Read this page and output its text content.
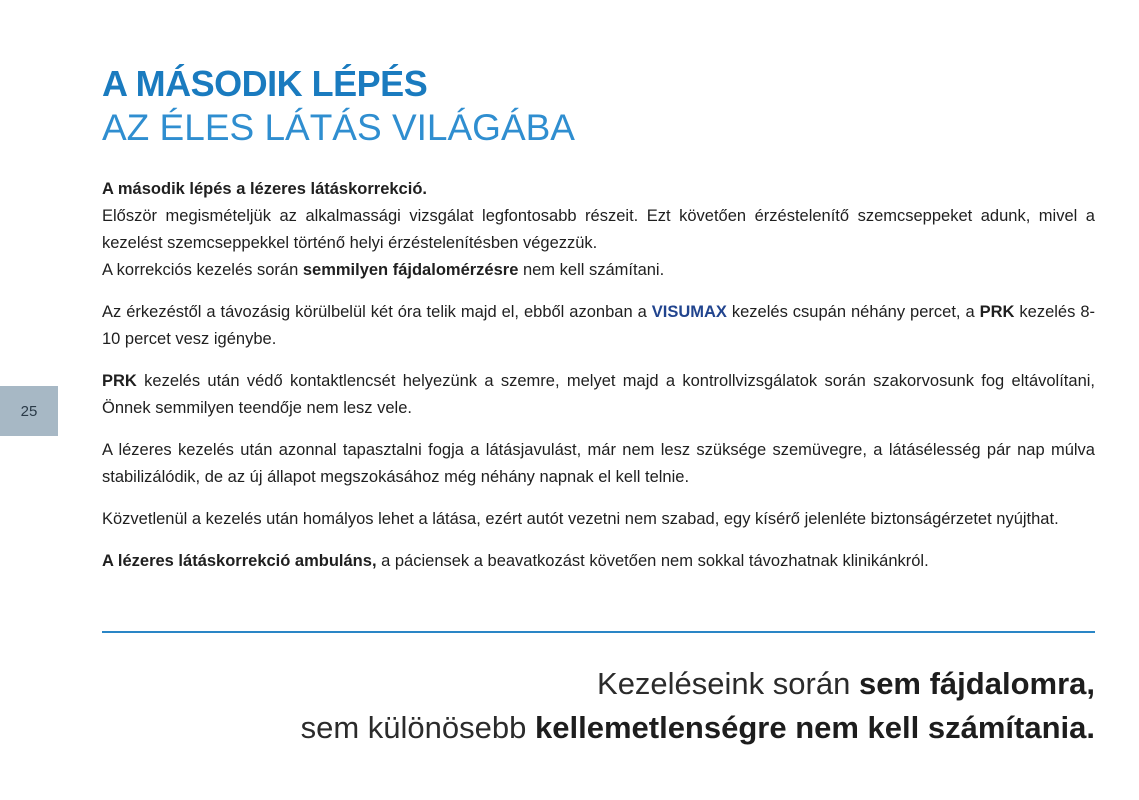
25
A MÁSODIK LÉPÉS
AZ ÉLES LÁTÁS VILÁGÁBA

A második lépés a lézeres látáskorrekció.
Először megismételjük az alkalmassági vizsgálat legfontosabb részeit. Ezt követően érzéstelenítő szemcseppeket adunk, mivel a kezelést szemcseppekkel történő helyi érzéstelenítésben végezzük.
A korrekciós kezelés során semmilyen fájdalomérzésre nem kell számítani.

Az érkezéstől a távozásig körülbelül két óra telik majd el, ebből azonban a VISUMAX kezelés csupán néhány percet, a PRK kezelés 8-10 percet vesz igénybe.

PRK kezelés után védő kontaktlencsét helyezünk a szemre, melyet majd a kontrollvizsgálatok során szakorvosunk fog eltávolítani, Önnek semmilyen teendője nem lesz vele.

A lézeres kezelés után azonnal tapasztalni fogja a látásjavulást, már nem lesz szüksége szemüvegre, a látásélesség pár nap múlva stabilizálódik, de az új állapot megszokásához még néhány napnak el kell telnie.

Közvetlenül a kezelés után homályos lehet a látása, ezért autót vezetni nem szabad, egy kísérő jelenléte biztonságérzetet nyújthat.

A lézeres látáskorrekció ambuláns, a páciensek a beavatkozást követően nem sokkal távozhatnak klinikánkról.

Kezeléseink során sem fájdalomra,
sem különösebb kellemetlenségre nem kell számítania.
